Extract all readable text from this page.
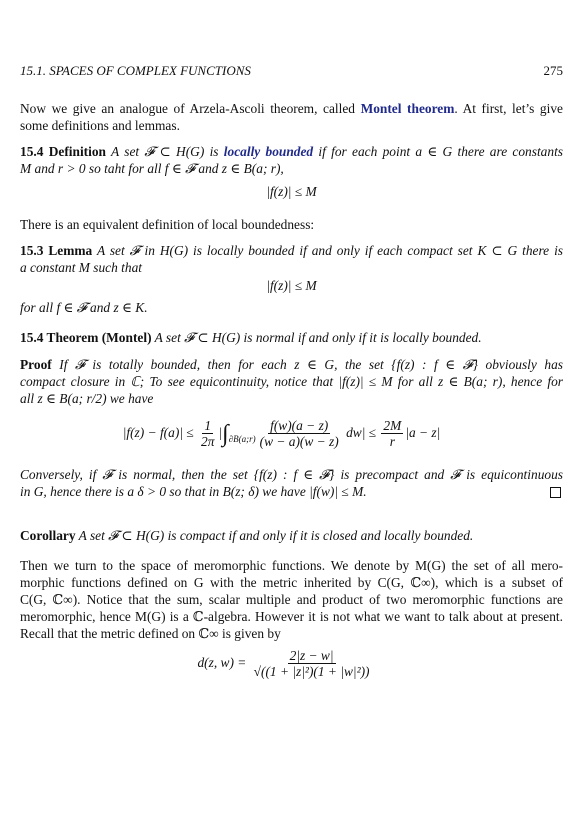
15.1. SPACES OF COMPLEX FUNCTIONS	275
Now we give an analogue of Arzela-Ascoli theorem, called Montel theorem. At first, let’s give
some definitions and lemmas.
15.4 Definition A set 𝓕 ⊂ H(G) is locally bounded if for each point a ∈ G there are constants
M and r > 0 so taht for all f ∈ 𝓕 and z ∈ B(a; r),
|f(z)| ≤ M
There is an equivalent definition of local boundedness:
15.3 Lemma A set 𝓕 in H(G) is locally bounded if and only if each compact set K ⊂ G there is
a constant M such that
|f(z)| ≤ M
for all f ∈ 𝓕 and z ∈ K.
15.4 Theorem (Montel) A set 𝓕 ⊂ H(G) is normal if and only if it is locally bounded.
Proof If 𝓕 is totally bounded, then for each z ∈ G, the set {f(z) : f ∈ 𝓕} obviously has
compact closure in ℂ; To see equicontinuity, notice that |f(z)| ≤ M for all z ∈ B(a; r), hence for
all z ∈ B(a; r/2) we have
$|f(z) - f(a)| \le \frac{1}{2\pi} |\int_{\partial B(a;r)} \frac{f(w)(a - z)}{(w - a)(w - z)} dw| \le \frac{2M}{r} |a - z|$
Conversely, if 𝓕 is normal, then the set {f(z) : f ∈ 𝓕} is precompact and 𝓕 is equicontinuous
in G, hence there is a δ > 0 so that in B(z; δ) we have |f(w)| ≤ M.
Corollary A set 𝓕 ⊂ H(G) is compact if and only if it is closed and locally bounded.
Then we turn to the space of meromorphic functions. We denote by M(G) the set of all mero-
morphic functions defined on G with the metric inherited by C(G, ℂ∞), which is a subset of
C(G, ℂ∞). Notice that the sum, scalar multiple and product of two meromorphic functions are
meromorphic, hence M(G) is a ℂ-algebra. However it is not what we want to talk about at present.
Recall that the metric defined on ℂ∞ is given by
d(z, $w) = \frac{2|z - w|}{\text{√((1 + |z|²)(1 + |w|²))}}$
